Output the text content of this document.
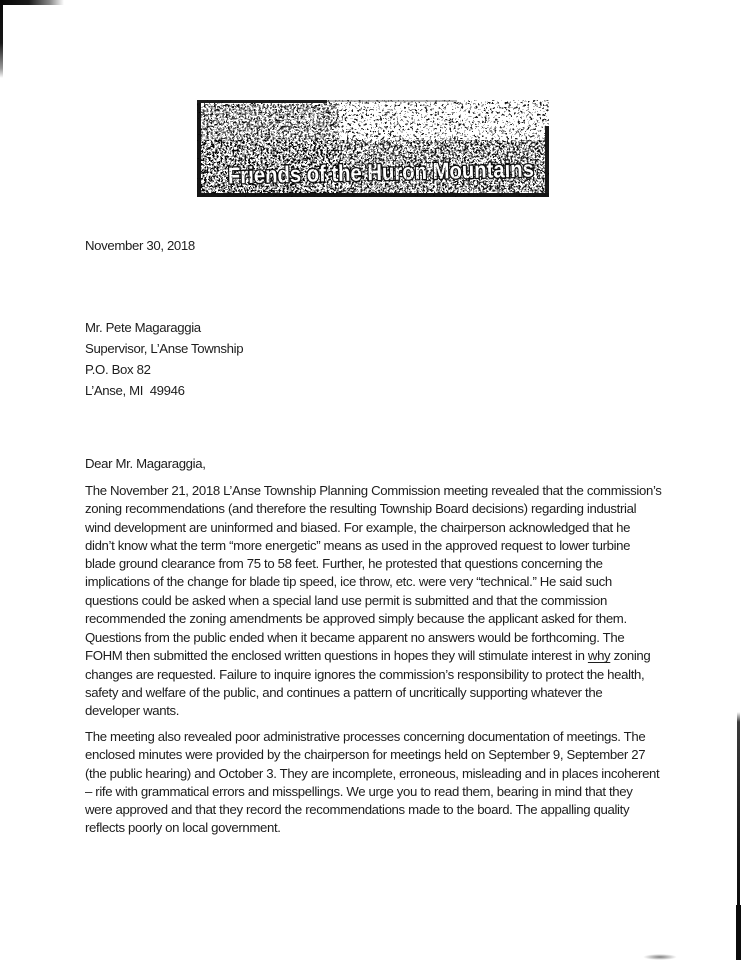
November 30, 2018
Mr. Pete Magaraggia
Supervisor, L’Anse Township
P.O. Box 82
L’Anse, MI  49946
Dear Mr. Magaraggia,
The November 21, 2018 L’Anse Township Planning Commission meeting revealed that the commission’s
zoning recommendations (and therefore the resulting Township Board decisions) regarding industrial
wind development are uninformed and biased. For example, the chairperson acknowledged that he
didn’t know what the term “more energetic” means as used in the approved request to lower turbine
blade ground clearance from 75 to 58 feet. Further, he protested that questions concerning the
implications of the change for blade tip speed, ice throw, etc. were very “technical.” He said such
questions could be asked when a special land use permit is submitted and that the commission
recommended the zoning amendments be approved simply because the applicant asked for them.
Questions from the public ended when it became apparent no answers would be forthcoming. The
FOHM then submitted the enclosed written questions in hopes they will stimulate interest in why zoning
changes are requested. Failure to inquire ignores the commission’s responsibility to protect the health,
safety and welfare of the public, and continues a pattern of uncritically supporting whatever the
developer wants.
The meeting also revealed poor administrative processes concerning documentation of meetings. The
enclosed minutes were provided by the chairperson for meetings held on September 9, September 27
(the public hearing) and October 3. They are incomplete, erroneous, misleading and in places incoherent
– rife with grammatical errors and misspellings. We urge you to read them, bearing in mind that they
were approved and that they record the recommendations made to the board. The appalling quality
reflects poorly on local government.
